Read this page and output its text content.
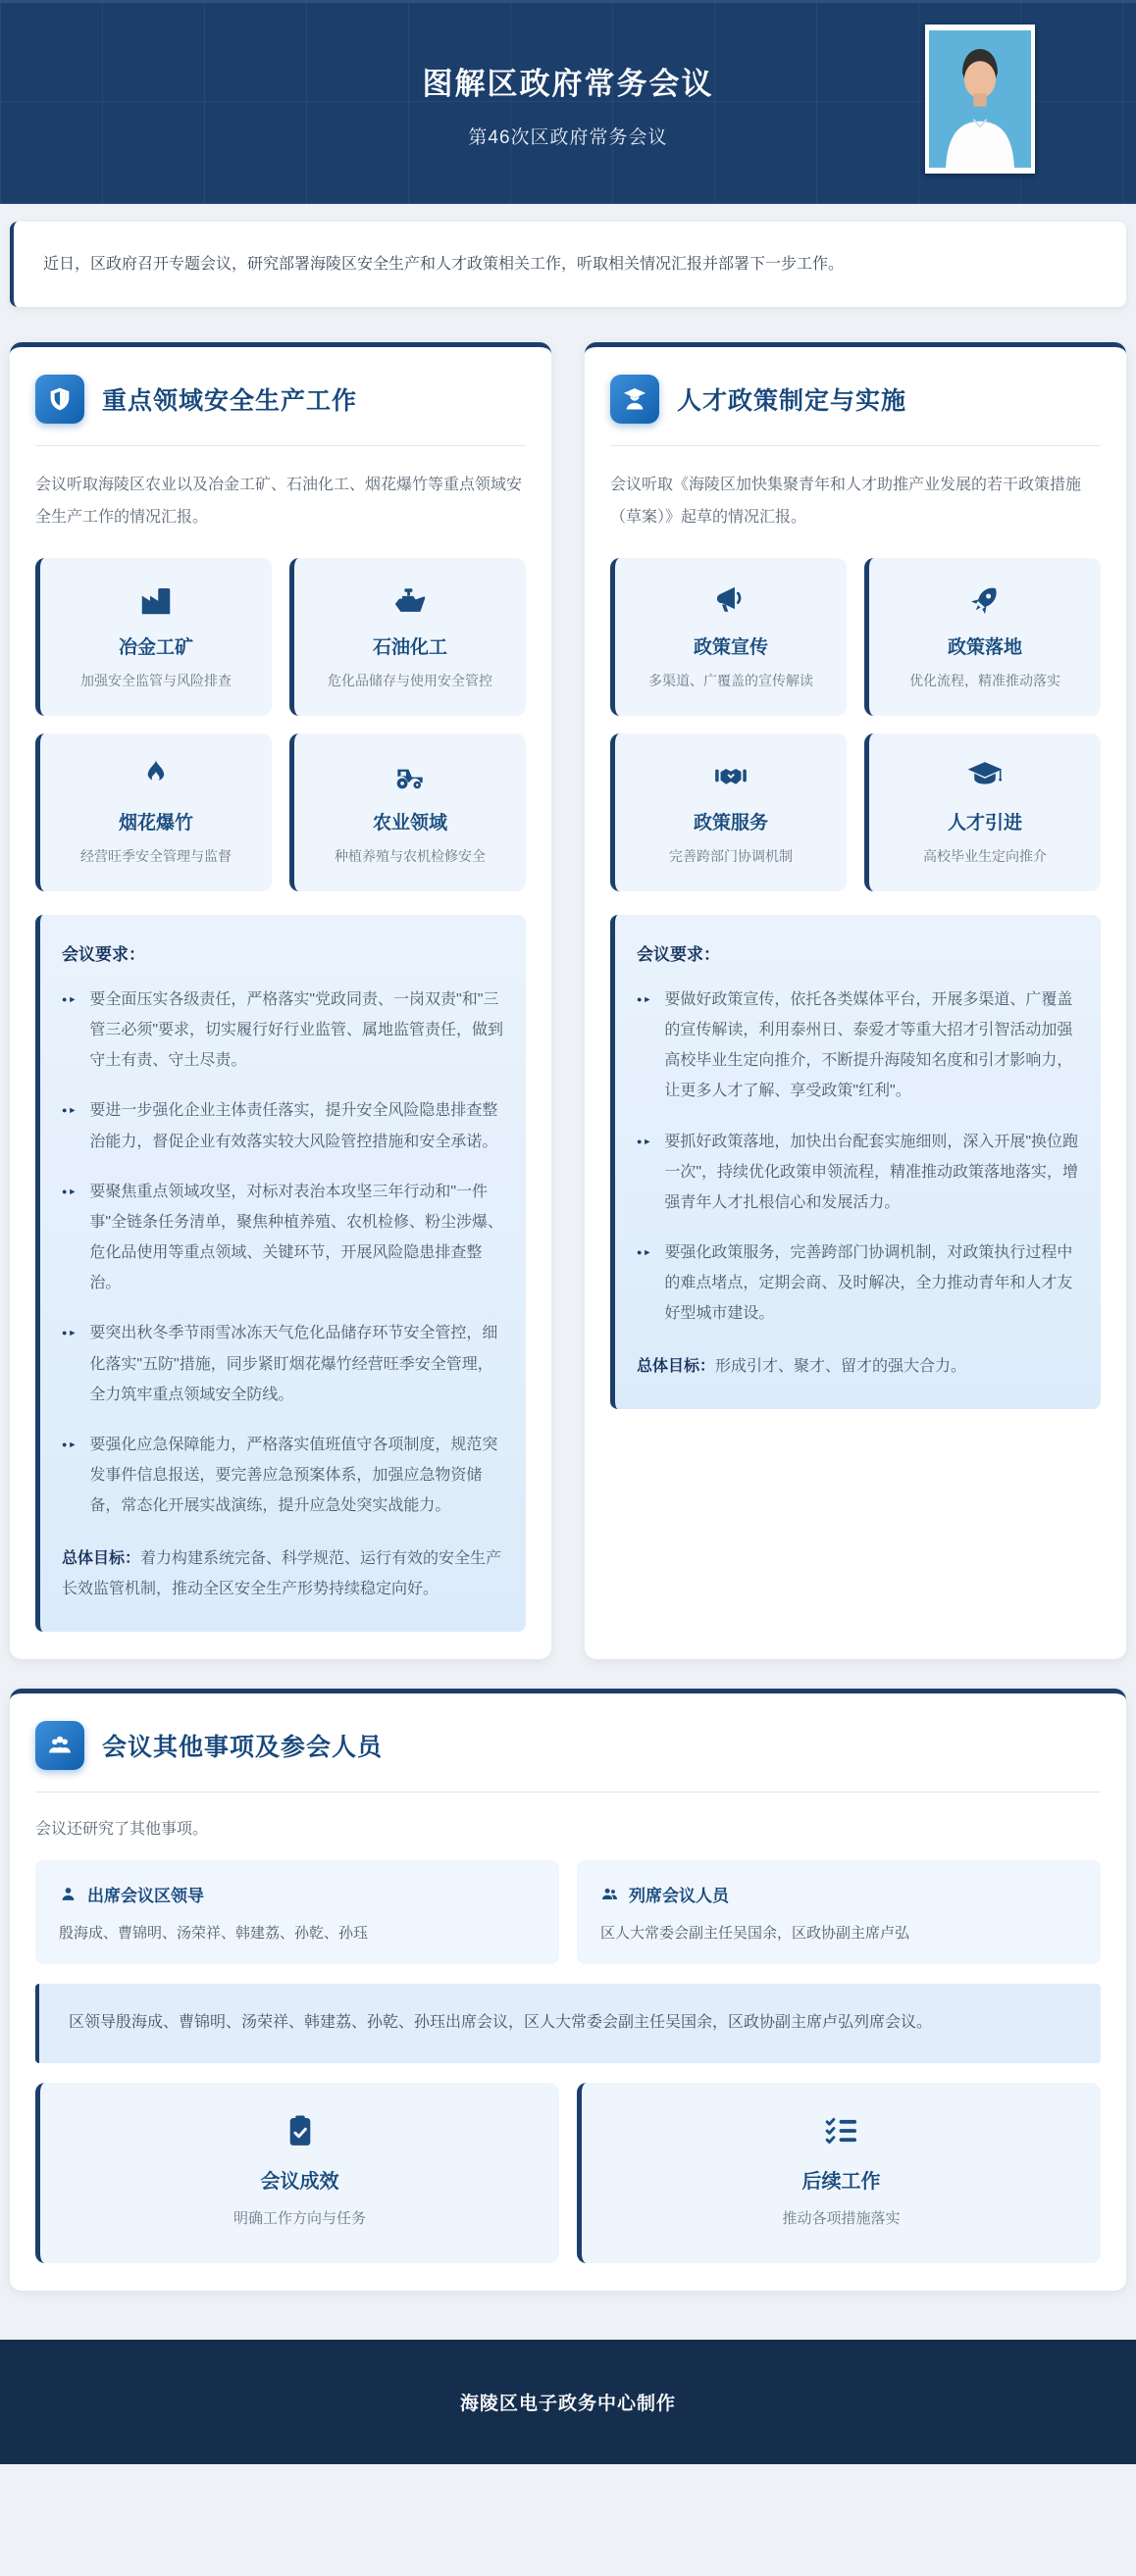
图解区政府常务会议
第46次区政府常务会议

近日，区政府召开专题会议，研究部署海陵区安全生产和人才政策相关工作，听取相关情况汇报并部署下一步工作。

重点领域安全生产工作

会议听取海陵区农业以及冶金工矿、石油化工、烟花爆竹等重点领域安全生产工作的情况汇报。

冶金工矿
加强安全监管与风险排查
石油化工
危化品储存与使用安全管控
烟花爆竹
经营旺季安全管理与监督
农业领域
种植养殖与农机检修安全
会议要求：
●► 要全面压实各级责任，严格落实"党政同责、一岗双责"和"三管三必须"要求，切实履行好行业监管、属地监管责任，做到守土有责、守土尽责。
●► 要进一步强化企业主体责任落实，提升安全风险隐患排查整治能力，督促企业有效落实较大风险管控措施和安全承诺。
●► 要聚焦重点领域攻坚，对标对表治本攻坚三年行动和"一件事"全链条任务清单，聚焦种植养殖、农机检修、粉尘涉爆、危化品使用等重点领域、关键环节，开展风险隐患排查整治。
●► 要突出秋冬季节雨雪冰冻天气危化品储存环节安全管控，细化落实"五防"措施，同步紧盯烟花爆竹经营旺季安全管理，全力筑牢重点领域安全防线。
●► 要强化应急保障能力，严格落实值班值守各项制度，规范突发事件信息报送，要完善应急预案体系，加强应急物资储备，常态化开展实战演练，提升应急处突实战能力。

总体目标：着力构建系统完备、科学规范、运行有效的安全生产长效监管机制，推动全区安全生产形势持续稳定向好。

人才政策制定与实施

会议听取《海陵区加快集聚青年和人才助推产业发展的若干政策措施（草案）》起草的情况汇报。

政策宣传
多渠道、广覆盖的宣传解读
政策落地
优化流程，精准推动落实
政策服务
完善跨部门协调机制
人才引进
高校毕业生定向推介
会议要求：
●► 要做好政策宣传，依托各类媒体平台，开展多渠道、广覆盖的宣传解读，利用泰州日、泰爱才等重大招才引智活动加强高校毕业生定向推介，不断提升海陵知名度和引才影响力，让更多人才了解、享受政策"红利"。
●► 要抓好政策落地，加快出台配套实施细则，深入开展"换位跑一次"，持续优化政策申领流程，精准推动政策落地落实，增强青年人才扎根信心和发展活力。
●► 要强化政策服务，完善跨部门协调机制，对政策执行过程中的难点堵点，定期会商、及时解决，全力推动青年和人才友好型城市建设。

总体目标：形成引才、聚才、留才的强大合力。

会议其他事项及参会人员

会议还研究了其他事项。

出席会议区领导
殷海成、曹锦明、汤荣祥、韩建荔、孙乾、孙珏
列席会议人员
区人大常委会副主任吴国余，区政协副主席卢弘
区领导殷海成、曹锦明、汤荣祥、韩建荔、孙乾、孙珏出席会议，区人大常委会副主任吴国余，区政协副主席卢弘列席会议。
会议成效
明确工作方向与任务
后续工作
推动各项措施落实
海陵区电子政务中心制作
